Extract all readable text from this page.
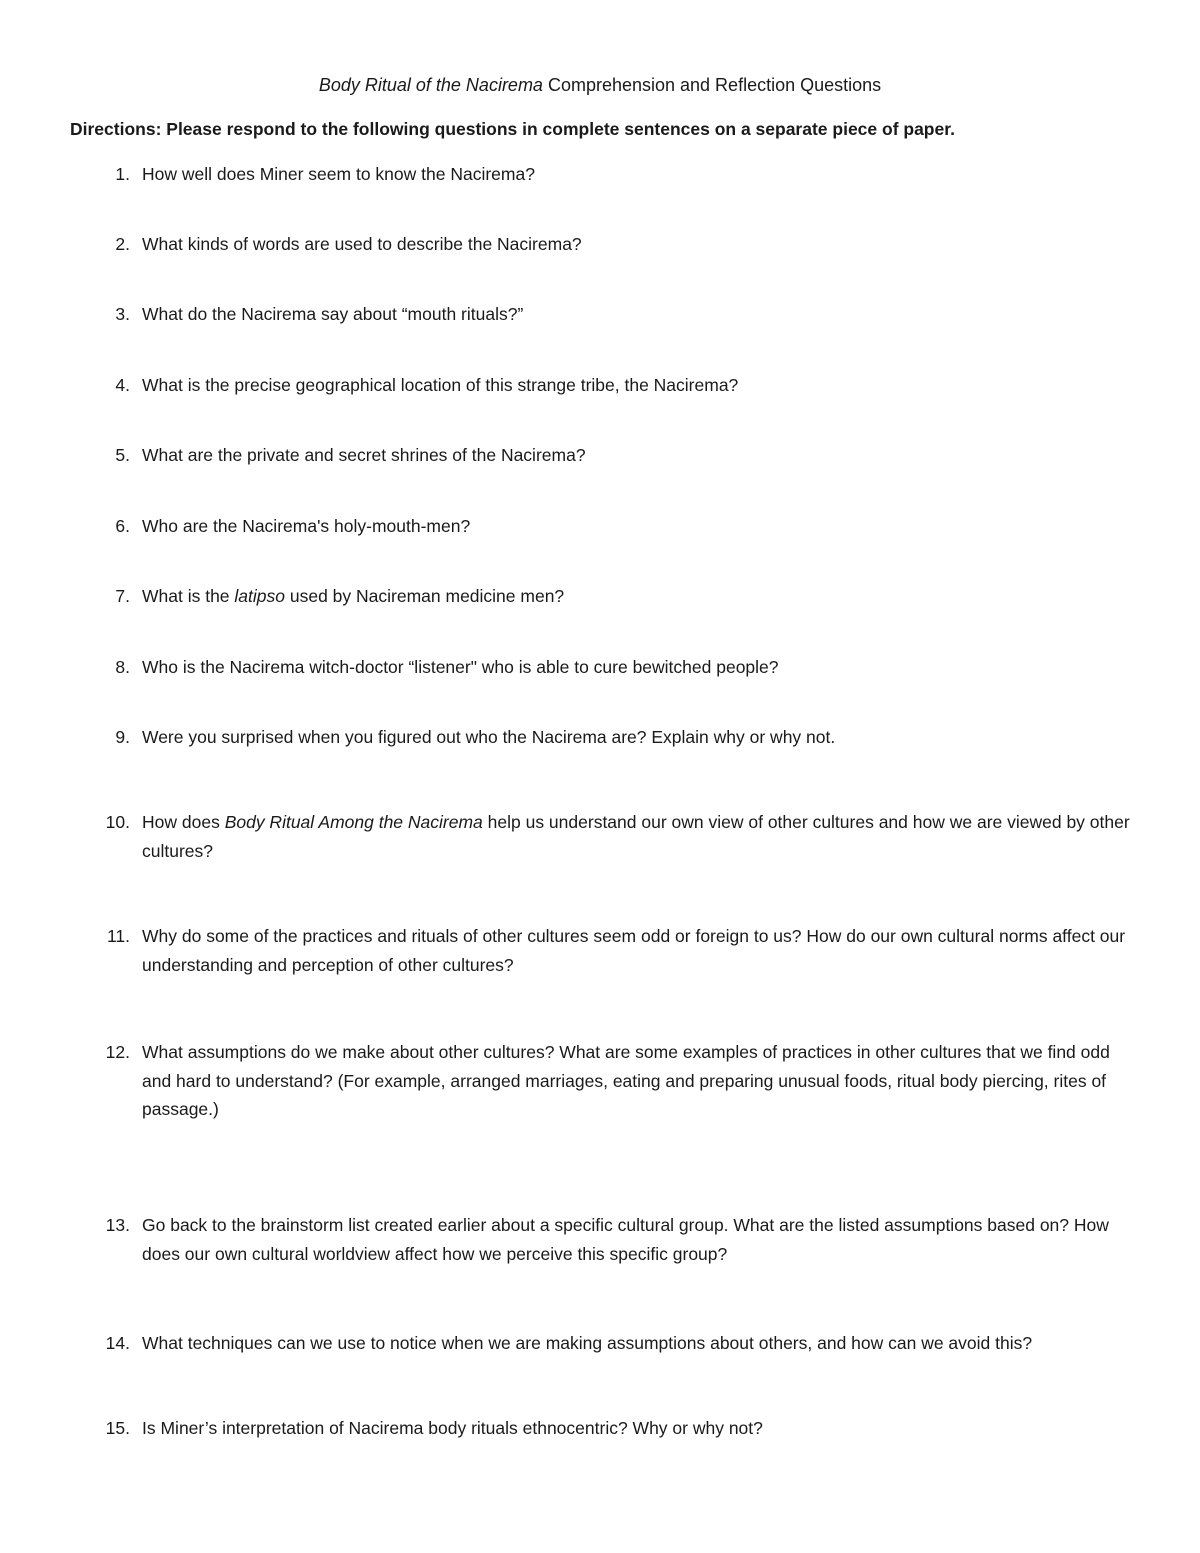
Body Ritual of the Nacirema Comprehension and Reflection Questions
Directions: Please respond to the following questions in complete sentences on a separate piece of paper.
1. How well does Miner seem to know the Nacirema?
2. What kinds of words are used to describe the Nacirema?
3. What do the Nacirema say about “mouth rituals?”
4. What is the precise geographical location of this strange tribe, the Nacirema?
5. What are the private and secret shrines of the Nacirema?
6. Who are the Nacirema's holy-mouth-men?
7. What is the latipso used by Nacireman medicine men?
8. Who is the Nacirema witch-doctor “listener" who is able to cure bewitched people?
9. Were you surprised when you figured out who the Nacirema are? Explain why or why not.
10. How does Body Ritual Among the Nacirema help us understand our own view of other cultures and how we are viewed by other cultures?
11. Why do some of the practices and rituals of other cultures seem odd or foreign to us? How do our own cultural norms affect our understanding and perception of other cultures?
12. What assumptions do we make about other cultures? What are some examples of practices in other cultures that we find odd and hard to understand? (For example, arranged marriages, eating and preparing unusual foods, ritual body piercing, rites of passage.)
13. Go back to the brainstorm list created earlier about a specific cultural group. What are the listed assumptions based on? How does our own cultural worldview affect how we perceive this specific group?
14. What techniques can we use to notice when we are making assumptions about others, and how can we avoid this?
15. Is Miner’s interpretation of Nacirema body rituals ethnocentric? Why or why not?
